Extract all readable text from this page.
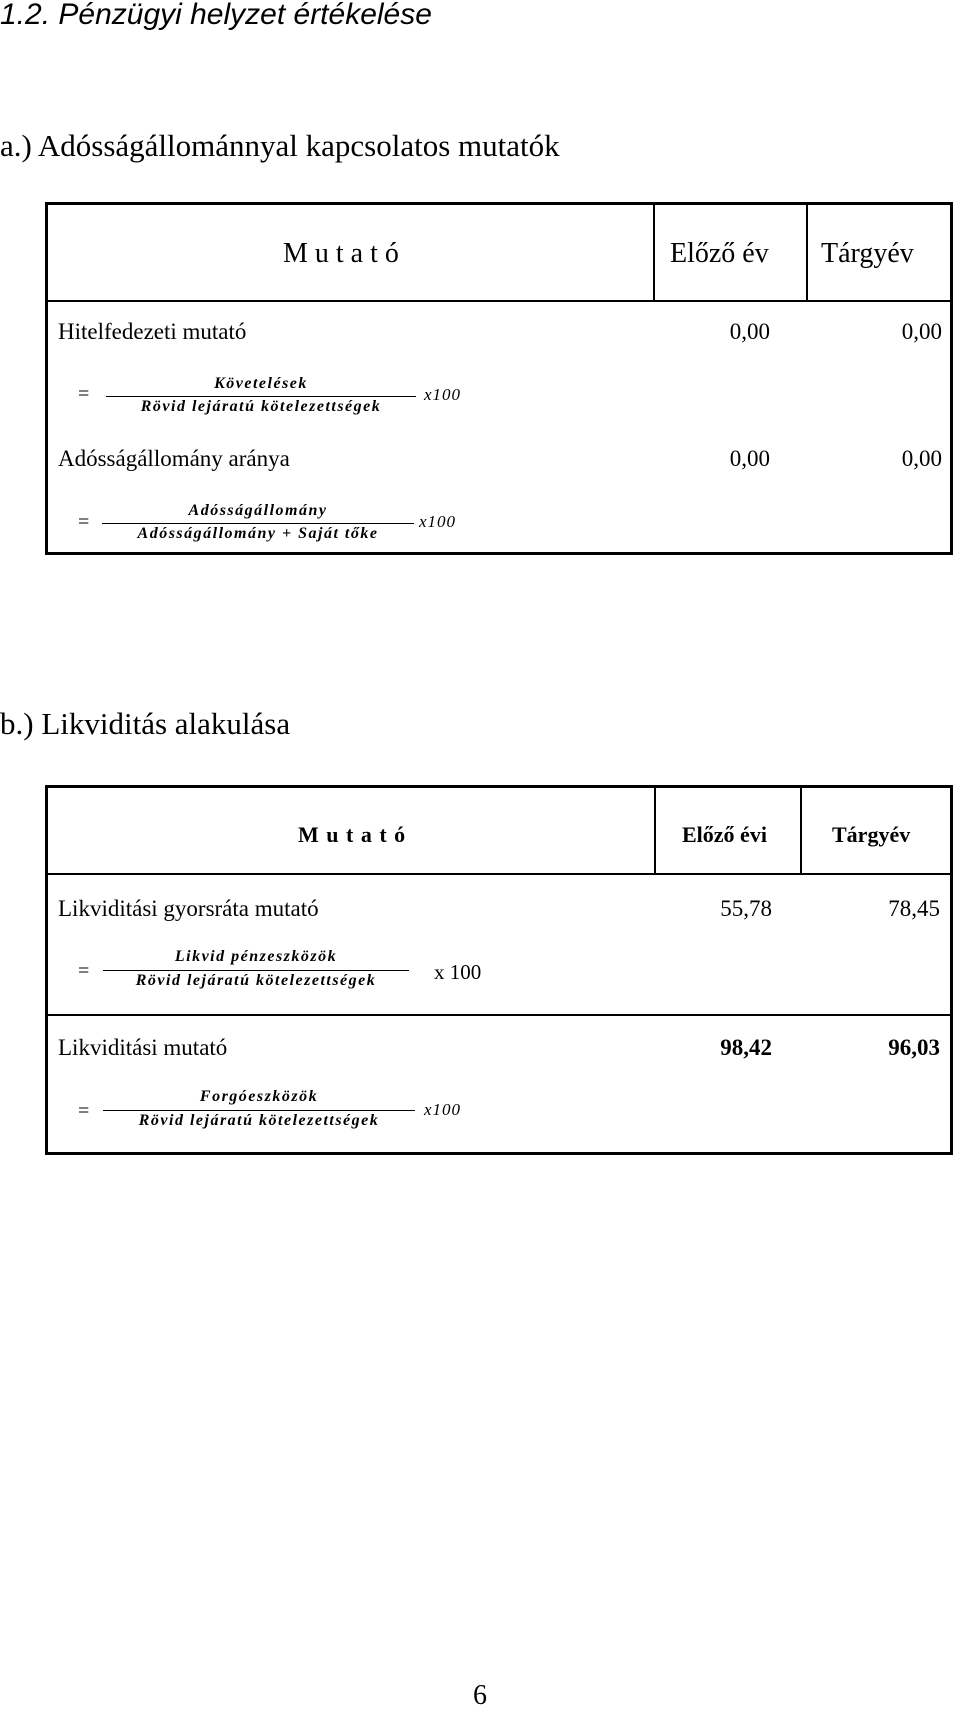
1.2. Pénzügyi helyzet értékelése
a.) Adósságállománnyal kapcsolatos mutatók
M u t a t ó	Előző év Tárgyév
Hitelfedezeti mutató	0,00	0,00
=	Követelések
Rövid lejáratú kötelezettségek
x100
Adósságállomány aránya	0,00	0,00
=
Adósságállomány
Adósságállomány + Saját tőke
x100
b.) Likviditás alakulása
M u t a t ó	Előző évi	Tárgyév
Likviditási gyorsráta mutató	55,78	78,45
=
Likvid pénzeszközök
Rövid lejáratú kötelezettségek	x 100
Likviditási mutató	98,42	96,03
=
Forgóeszközök
Rövid lejáratú kötelezettségek
x100
6
